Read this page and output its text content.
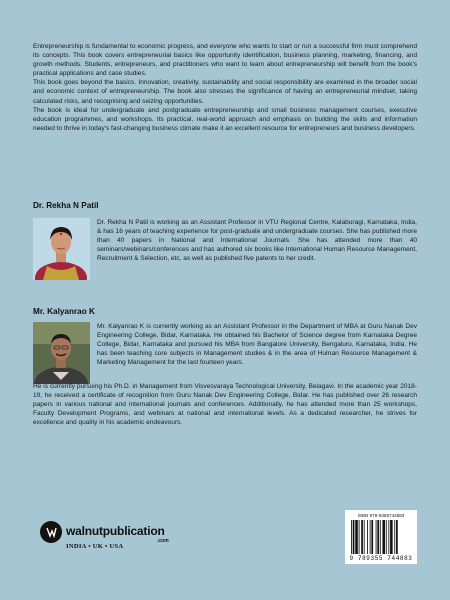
Entrepreneurship is fundamental to economic progress, and everyone who wants to start or run a successful firm must comprehend its concepts. This book covers entrepreneurial basics like opportunity identification, business planning, marketing, financing, and growth methods. Students, entrepreneurs, and practitioners who want to learn about entrepreneurship will benefit from the book's practical applications and case studies.

This book goes beyond the basics. Innovation, creativity, sustainability and social responsibility are examined in the broader social and economic context of entrepreneurship. The book also stresses the significance of having an entrepreneurial mindset, taking calculated risks, and recognising and seizing opportunities.

The book is ideal for undergraduate and postgraduate entrepreneurship and small business management courses, executive education programmes, and workshops. Its practical, real-world approach and emphasis on building the skills and information needed to thrive in today's fast-changing business climate make it an excellent resource for entrepreneurs and business developers.

Dr. Rekha N Patil
Dr. Rekha N Patil is working as an Assistant Professor in VTU Regional Centre, Kalaburagi, Karnataka, India, & has 16 years of teaching experience for post-graduate and undergraduate courses. She has published more than 40 papers in National and International Journals. She has attended more than 40 seminars/webinars/conferences and has authored six books like International Human Resource Management, Recruitment & Selection, etc, as well as published five patents to her credit.
Mr. Kalyanrao K
Mr. Kalyanrao K is currently working as an Assistant Professor in the Department of MBA at Guru Nanak Dev Engineering College, Bidar, Karnataka. He obtained his Bachelor of Science degree from Karnataka Degree College, Bidar, Karnataka and pursued his MBA from Bangalore University, Bengaluru, Karnataka, India. He has been teaching core subjects in Management studies & in the area of Human Resource Management & Marketing Management for the last fourteen years.
He is currently pursuing his Ph.D. in Management from Visvesvaraya Technological University, Belagavi. In the academic year 2018-19, he received a certificate of recognition from Guru Nanak Dev Engineering College, Bidar. He has published over 26 research papers in various national and international journals and conferences. Additionally, he has attended more than 25 workshops, Faculty Development Programs, and webinars at national and international levels. As a dedicated researcher, he strives for excellence and quality in his academic endeavours.
walnutpublication
.com
INDIA • UK • USA
ISBN 978-9355744883
9 789355 744883
